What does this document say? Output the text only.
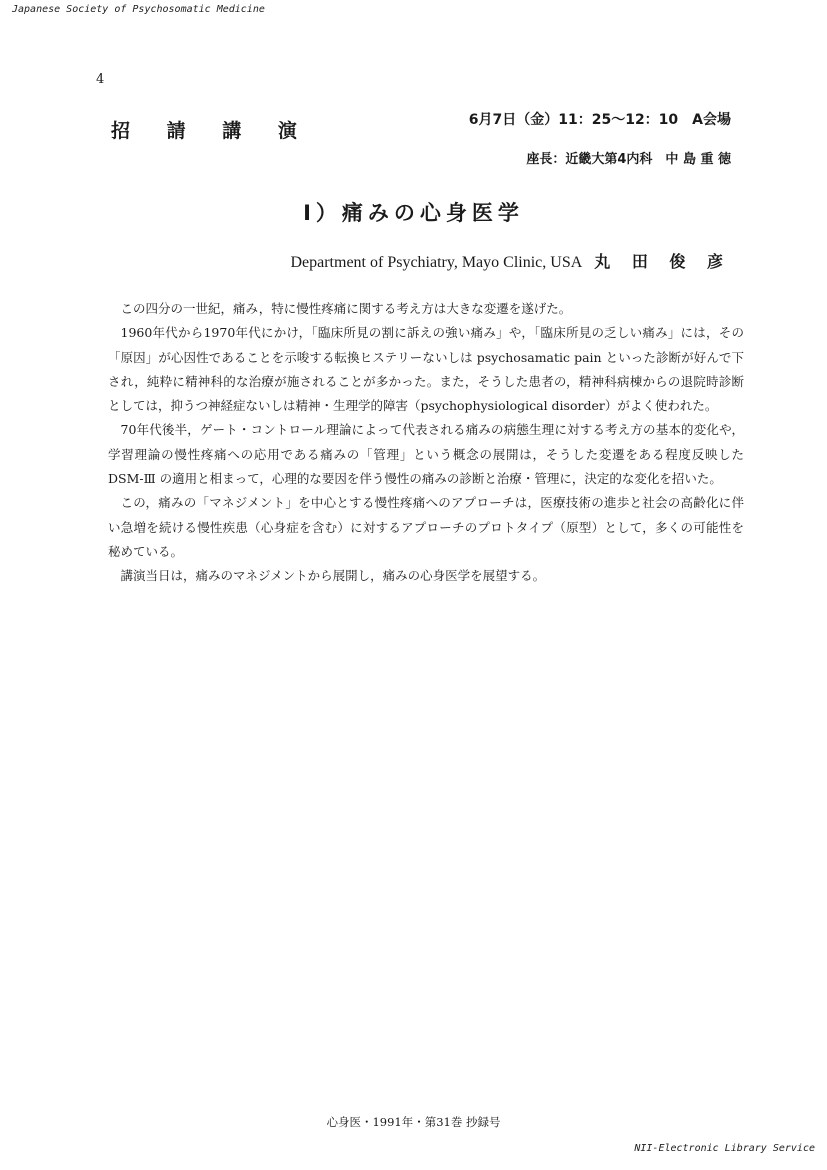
Japanese Society of Psychosomatic Medicine
4
招 請 講 演	6月7日（金）11：25〜12：10　A会場
座長：近畿大第4内科　中 島 重 徳
I）痛みの心身医学
Department of Psychiatry, Mayo Clinic, USA 丸 田 俊 彦

この四分の一世紀，痛み，特に慢性疼痛に関する考え方は大きな変遷を遂げた。

1960年代から1970年代にかけ，「臨床所見の割に訴えの強い痛み」や，「臨床所見の乏しい痛み」には，その「原因」が心因性であることを示唆する転換ヒステリーないしは psychosamatic pain といった診断が好んで下され，純粋に精神科的な治療が施されることが多かった。また，そうした患者の，精神科病棟からの退院時診断としては，抑うつ神経症ないしは精神・生理学的障害（psychophysiological disorder）がよく使われた。

70年代後半，ゲート・コントロール理論によって代表される痛みの病態生理に対する考え方の基本的変化や，学習理論の慢性疼痛への応用である痛みの「管理」という概念の展開は，そうした変遷をある程度反映した DSM-Ⅲ の適用と相まって，心理的な要因を伴う慢性の痛みの診断と治療・管理に，決定的な変化を招いた。

この，痛みの「マネジメント」を中心とする慢性疼痛へのアプローチは，医療技術の進歩と社会の高齢化に伴い急増を続ける慢性疾患（心身症を含む）に対するアプローチのプロトタイプ（原型）として，多くの可能性を秘めている。

講演当日は，痛みのマネジメントから展開し，痛みの心身医学を展望する。

心身医・1991年・第31巻 抄録号
NII-Electronic Library Service
